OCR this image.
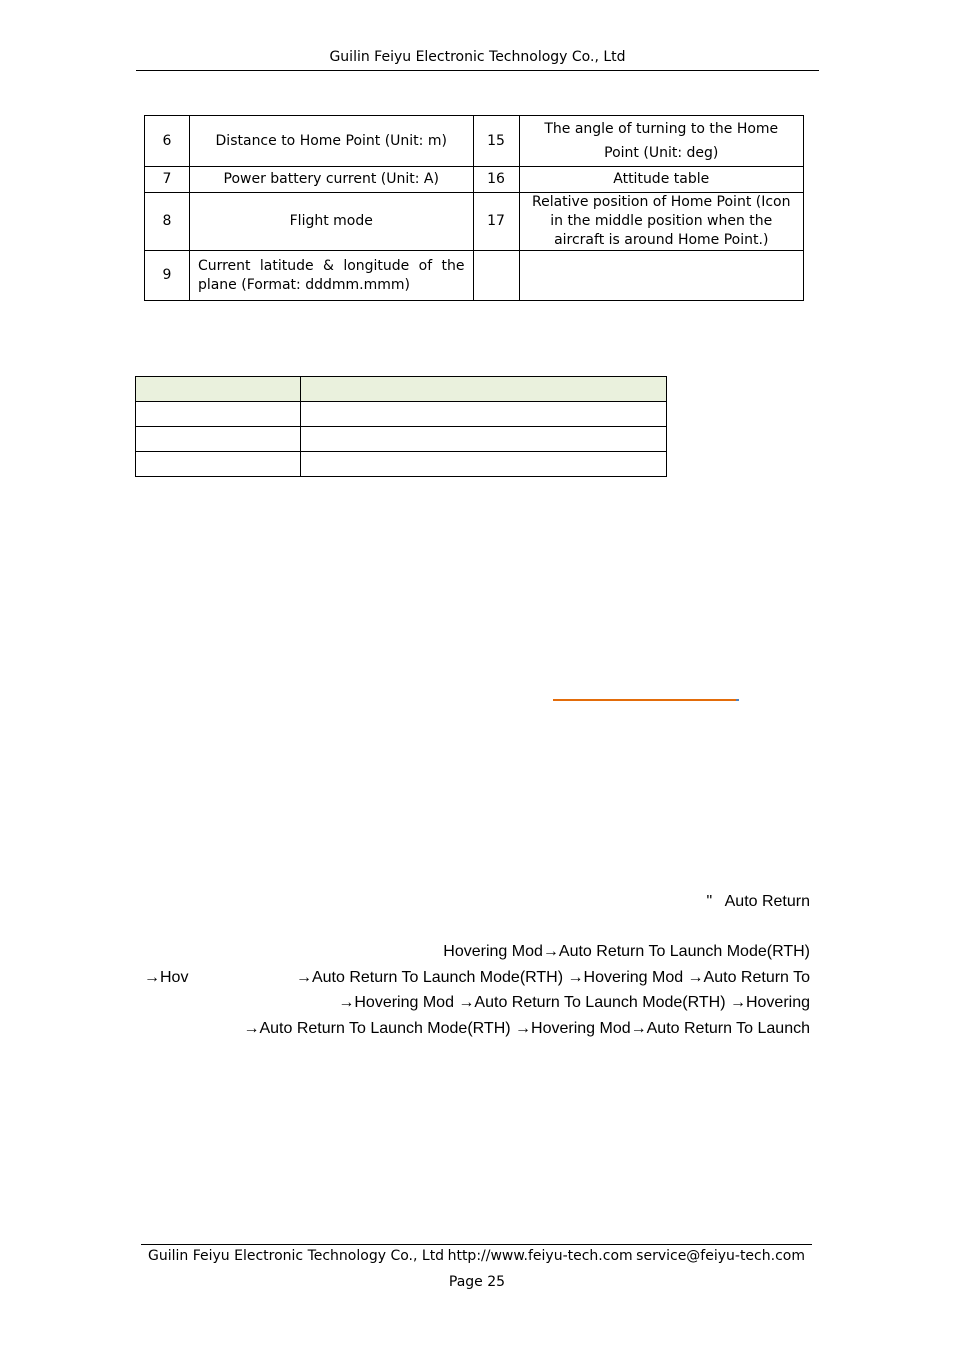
Guilin Feiyu Electronic Technology Co., Ltd
6	Distance to Home Point (Unit: m)	15	The angle of turning to the Home Point (Unit: deg)
7	Power battery current (Unit: A)	16	Attitude table
8	Flight mode	17	Relative position of Home Point (Icon in the middle position when the aircraft is around Home Point.)
9	Current latitude & longitude of the
plane (Format: dddmm.mmm)		

"   Auto Return
Hovering Mod→Auto Return To Launch Mode(RTH)
→Hov	→Auto Return To Launch Mode(RTH) →Hovering Mod →Auto Return To
→Hovering Mod →Auto Return To Launch Mode(RTH) →Hovering
→Auto Return To Launch Mode(RTH) →Hovering Mod→Auto Return To Launch
Guilin Feiyu Electronic Technology Co., Ltd http://www.feiyu-tech.com service@feiyu-tech.com
Page 25
